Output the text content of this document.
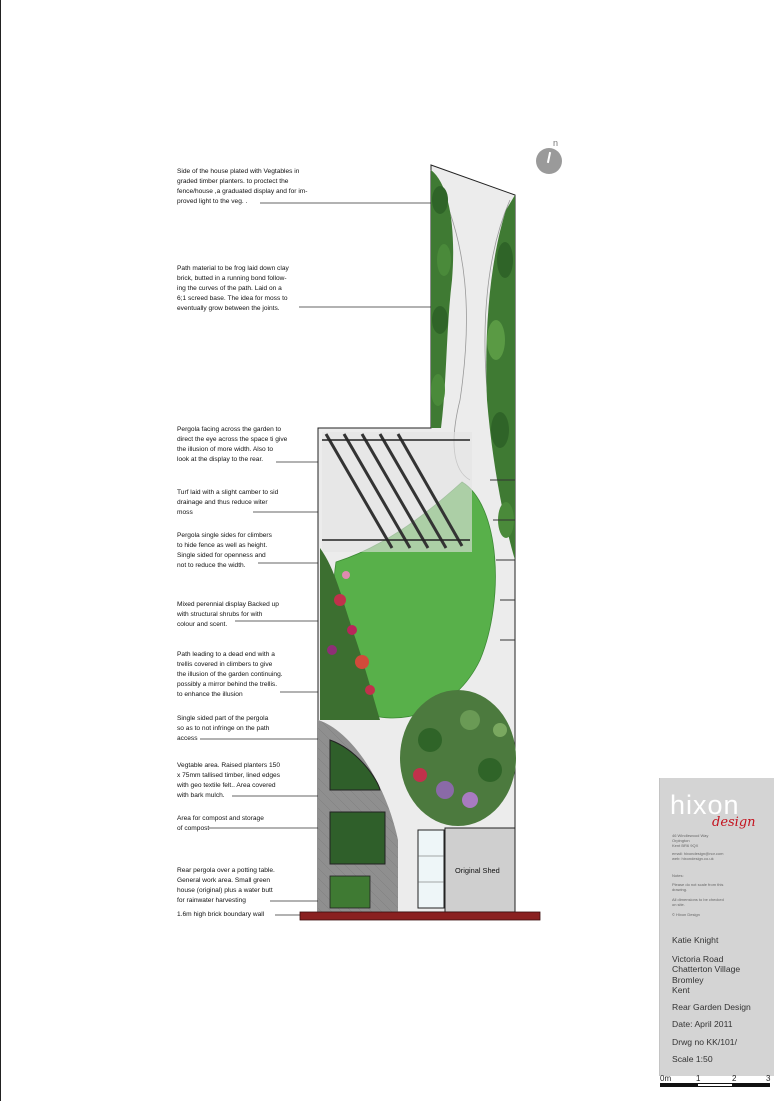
Side of the house plated with Vegtables in
graded timber planters. to proctect the
fence/house ,a graduated display and for im-
proved light to the veg. .
Path material to be frog laid down clay
brick, butted in a running bond follow-
ing the curves of the path. Laid on a
6;1 screed base. The idea for moss to
eventually grow between the joints.
Pergola facing across the garden to
direct the eye across the space ti give
the illusion of more width. Also to
look at the display to the rear.
Turf laid with a slight camber to sid
drainage and thus reduce witer
moss
Pergola single sides for climbers
to hide fence as well as height.
Single sided for openness and
not to reduce the width.
Mixed perennial display Backed up
with structural shrubs for with
colour and scent.
Path leading to a dead end with a
trellis covered in climbers to give
the illusion of the garden continuing.
possibly a mirror behind the trellis.
to enhance the illusion
Single sided part of the pergola
so as to not infringe on the path
access
Vegtable area. Raised planters 150
x 75mm tallised timber, lined edges
with geo textile felt.. Area covered
with bark mulch.
Area for compost and storage
of compost
Rear pergola over a potting table.
General work area. Small green
house (original) plus a water butt
for rainwater harvesting
1.6m high brick boundary wall
Original Shed
n
hixon
design
46 Windlewood Way
Orpington
Kent BR6 9QX
email: hixondesign@nor.com
web: hixondesign.co.uk
Notes:
Please do not scale from this
drawing.

All dimensions to be checked
on site.

© Hixon Design
Katie Knight
Victoria Road
Chatterton Village
Bromley
Kent
Rear Garden Design
Date: April 2011
Drwg no KK/101/
Scale 1:50
0m	1	2	3
